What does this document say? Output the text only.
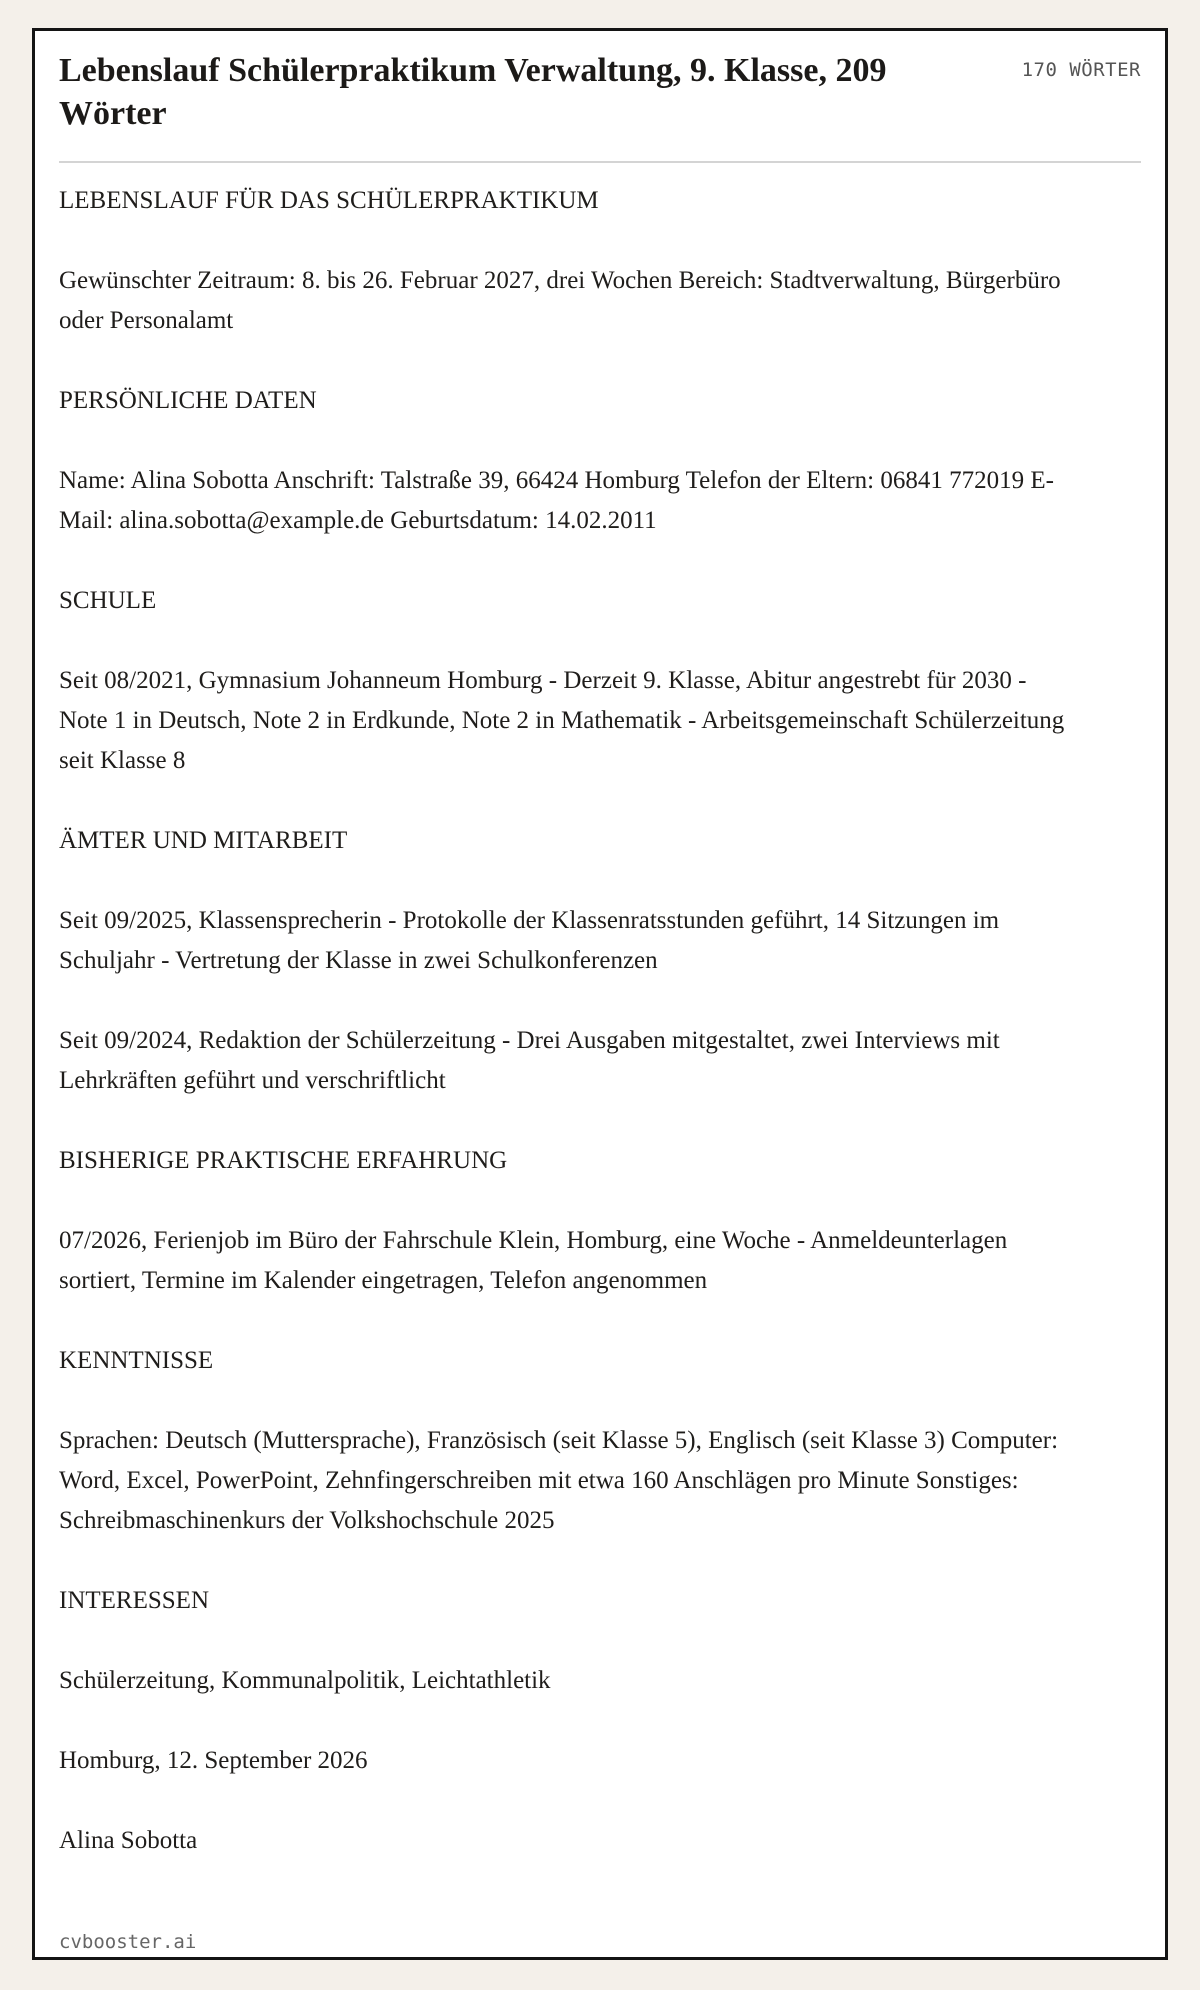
Lebenslauf Schülerpraktikum Verwaltung, 9. Klasse, 209 Wörter
170 WÖRTER

LEBENSLAUF FÜR DAS SCHÜLERPRAKTIKUM

Gewünschter Zeitraum: 8. bis 26. Februar 2027, drei Wochen Bereich: Stadtverwaltung, Bürgerbüro oder Personalamt

PERSÖNLICHE DATEN

Name: Alina Sobotta Anschrift: Talstraße 39, 66424 Homburg Telefon der Eltern: 06841 772019 E-Mail: alina.sobotta@example.de Geburtsdatum: 14.02.2011

SCHULE

Seit 08/2021, Gymnasium Johanneum Homburg - Derzeit 9. Klasse, Abitur angestrebt für 2030 - Note 1 in Deutsch, Note 2 in Erdkunde, Note 2 in Mathematik - Arbeitsgemeinschaft Schülerzeitung seit Klasse 8

ÄMTER UND MITARBEIT

Seit 09/2025, Klassensprecherin - Protokolle der Klassenratsstunden geführt, 14 Sitzungen im Schuljahr - Vertretung der Klasse in zwei Schulkonferenzen

Seit 09/2024, Redaktion der Schülerzeitung - Drei Ausgaben mitgestaltet, zwei Interviews mit Lehrkräften geführt und verschriftlicht

BISHERIGE PRAKTISCHE ERFAHRUNG

07/2026, Ferienjob im Büro der Fahrschule Klein, Homburg, eine Woche - Anmeldeunterlagen sortiert, Termine im Kalender eingetragen, Telefon angenommen

KENNTNISSE

Sprachen: Deutsch (Muttersprache), Französisch (seit Klasse 5), Englisch (seit Klasse 3) Computer: Word, Excel, PowerPoint, Zehnfingerschreiben mit etwa 160 Anschlägen pro Minute Sonstiges: Schreibmaschinenkurs der Volkshochschule 2025

INTERESSEN

Schülerzeitung, Kommunalpolitik, Leichtathletik

Homburg, 12. September 2026

Alina Sobotta

cvbooster.ai
